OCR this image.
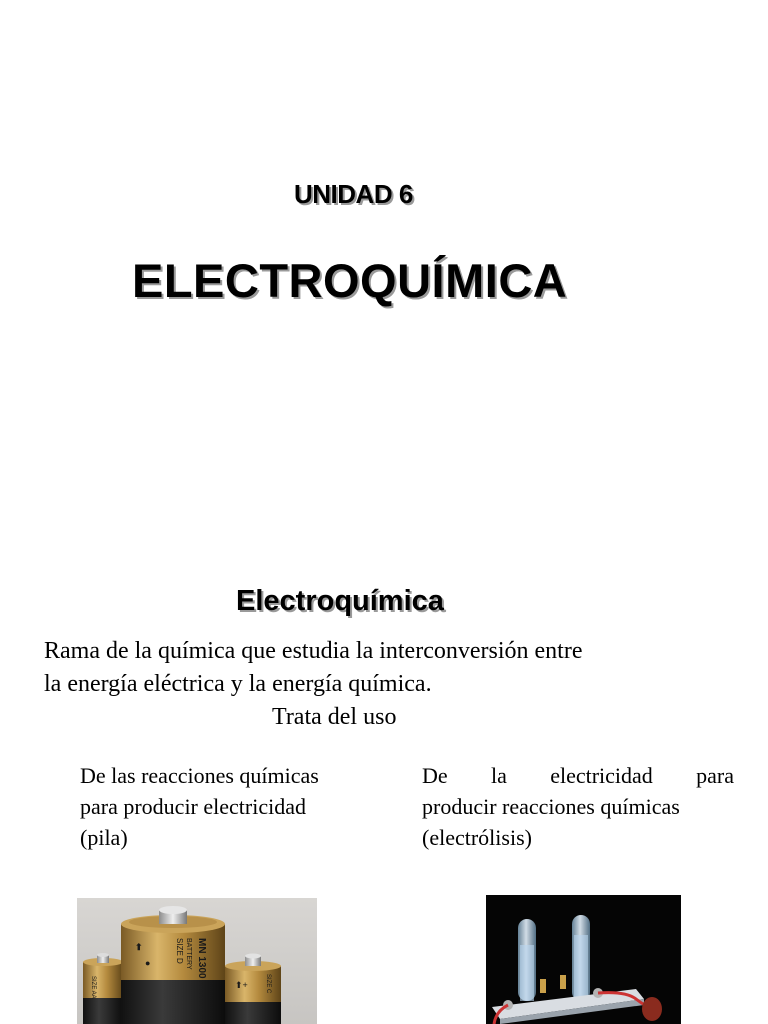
UNIDAD 6
ELECTROQUÍMICA
Electroquímica
Rama de la química que estudia la interconversión entre
la energía eléctrica y la energía química.
Trata del uso
De las reacciones químicas
para producir electricidad
(pila)
De la electricidad para
producir reacciones químicas
(electrólisis)
SIZE AA
⬆
●	SIZE D BATTERY MN 1300
⬆+	SIZE C
